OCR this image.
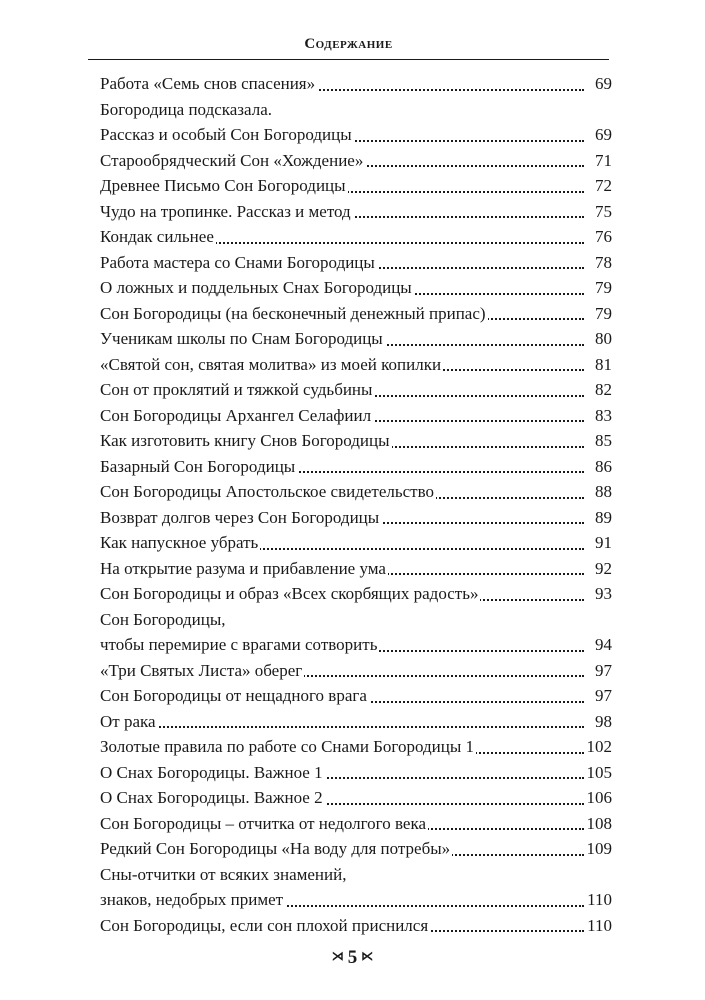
Содержание
Работа «Семь снов спасения»	69
Богородица подсказала.
Рассказ и особый Сон Богородицы	69
Старообрядческий Сон «Хождение»	71
Древнее Письмо Сон Богородицы	72
Чудо на тропинке. Рассказ и метод	75
Кондак сильнее	76
Работа мастера со Снами Богородицы	78
О ложных и поддельных Снах Богородицы	79
Сон Богородицы (на бесконечный денежный припас)	79
Ученикам школы по Снам Богородицы	80
«Святой сон, святая молитва» из моей копилки	81
Сон от проклятий и тяжкой судьбины	82
Сон Богородицы Архангел Селафиил	83
Как изготовить книгу Снов Богородицы	85
Базарный Сон Богородицы	86
Сон Богородицы Апостольское свидетельство	88
Возврат долгов через Сон Богородицы	89
Как напускное убрать	91
На открытие разума и прибавление ума	92
Сон Богородицы и образ «Всех скорбящих радость»	93
Сон Богородицы,
чтобы перемирие с врагами сотворить	94
«Три Святых Листа» оберег	97
Сон Богородицы от нещадного врага	97
От рака	98
Золотые правила по работе со Снами Богородицы 1	102
О Снах Богородицы. Важное 1	105
О Снах Богородицы. Важное 2	106
Сон Богородицы – отчитка от недолгого века	108
Редкий Сон Богородицы «На воду для потребы»	109
Сны-отчитки от всяких знамений,
знаков, недобрых примет	110
Сон Богородицы, если сон плохой приснился	110
⋊ 5 ⋉
